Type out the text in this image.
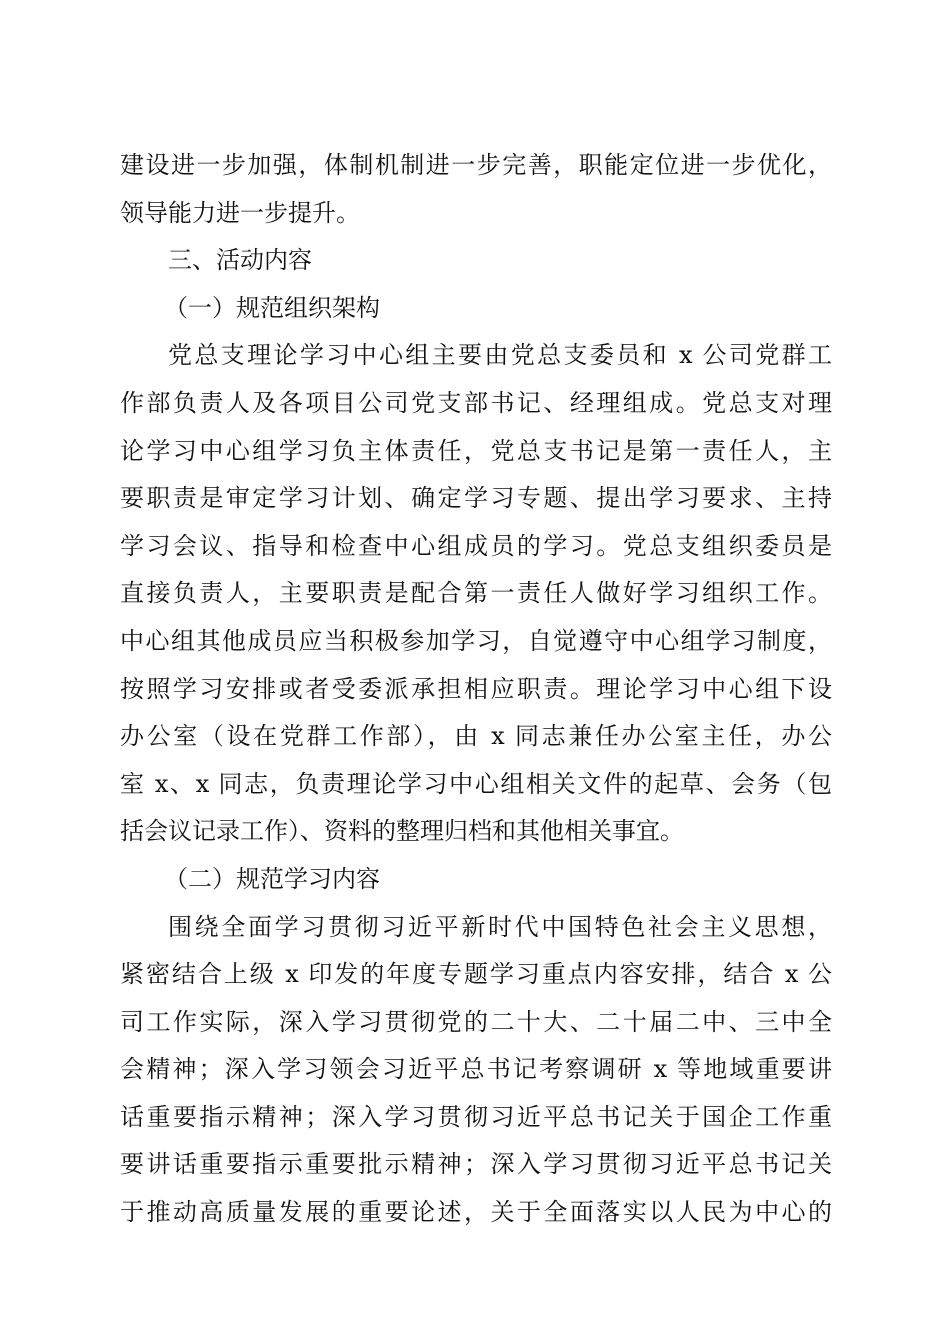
建设进一步加强，体制机制进一步完善，职能定位进一步优化，
领导能力进一步提升。
三、活动内容
（一）规范组织架构
党总支理论学习中心组主要由党总支委员和 x 公司党群工
作部负责人及各项目公司党支部书记、经理组成。党总支对理
论学习中心组学习负主体责任，党总支书记是第一责任人，主
要职责是审定学习计划、确定学习专题、提出学习要求、主持
学习会议、指导和检查中心组成员的学习。党总支组织委员是
直接负责人，主要职责是配合第一责任人做好学习组织工作。
中心组其他成员应当积极参加学习，自觉遵守中心组学习制度，
按照学习安排或者受委派承担相应职责。理论学习中心组下设
办公室（设在党群工作部），由 x 同志兼任办公室主任，办公
室 x、x 同志，负责理论学习中心组相关文件的起草、会务（包
括会议记录工作）、资料的整理归档和其他相关事宜。
（二）规范学习内容
围绕全面学习贯彻习近平新时代中国特色社会主义思想，
紧密结合上级 x 印发的年度专题学习重点内容安排，结合 x 公
司工作实际，深入学习贯彻党的二十大、二十届二中、三中全
会精神；深入学习领会习近平总书记考察调研 x 等地域重要讲
话重要指示精神；深入学习贯彻习近平总书记关于国企工作重
要讲话重要指示重要批示精神；深入学习贯彻习近平总书记关
于推动高质量发展的重要论述，关于全面落实以人民为中心的
